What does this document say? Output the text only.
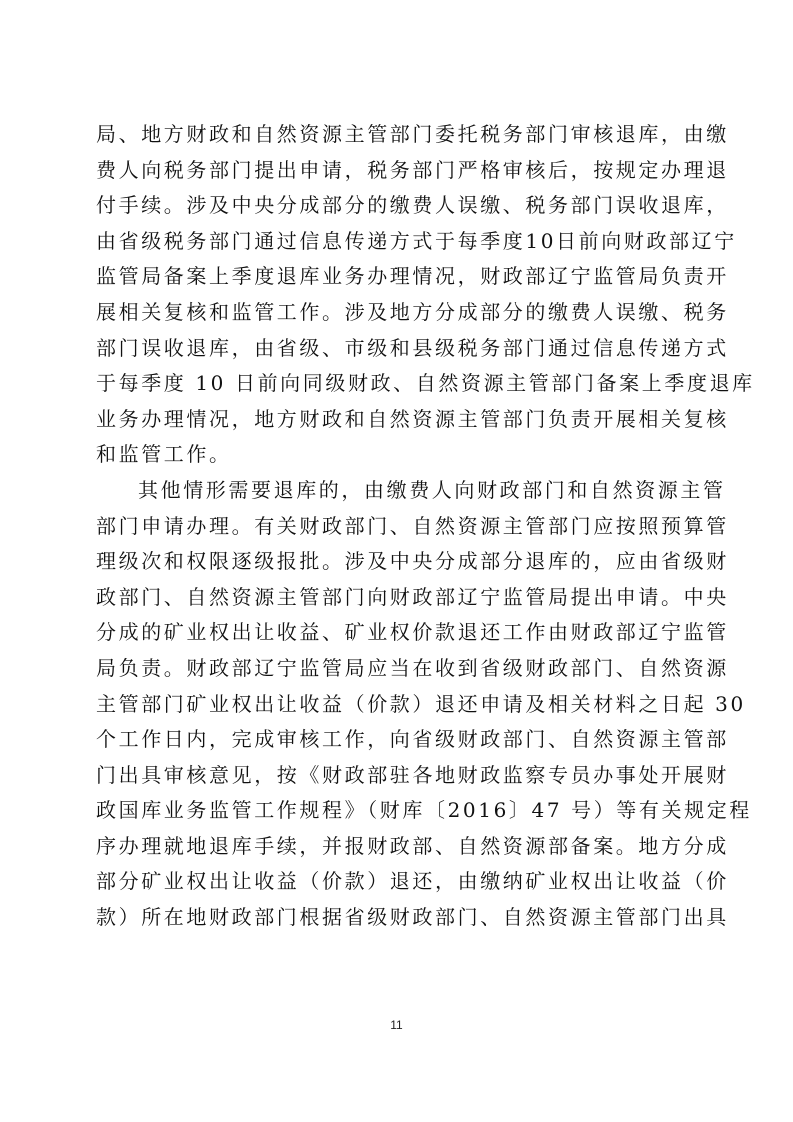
局、地方财政和自然资源主管部门委托税务部门审核退库，由缴
费人向税务部门提出申请，税务部门严格审核后，按规定办理退
付手续。涉及中央分成部分的缴费人误缴、税务部门误收退库，
由省级税务部门通过信息传递方式于每季度10日前向财政部辽宁
监管局备案上季度退库业务办理情况，财政部辽宁监管局负责开
展相关复核和监管工作。涉及地方分成部分的缴费人误缴、税务
部门误收退库，由省级、市级和县级税务部门通过信息传递方式
于每季度 10 日前向同级财政、自然资源主管部门备案上季度退库
业务办理情况，地方财政和自然资源主管部门负责开展相关复核
和监管工作。
其他情形需要退库的，由缴费人向财政部门和自然资源主管
部门申请办理。有关财政部门、自然资源主管部门应按照预算管
理级次和权限逐级报批。涉及中央分成部分退库的，应由省级财
政部门、自然资源主管部门向财政部辽宁监管局提出申请。中央
分成的矿业权出让收益、矿业权价款退还工作由财政部辽宁监管
局负责。财政部辽宁监管局应当在收到省级财政部门、自然资源
主管部门矿业权出让收益（价款）退还申请及相关材料之日起 30
个工作日内，完成审核工作，向省级财政部门、自然资源主管部
门出具审核意见，按《财政部驻各地财政监察专员办事处开展财
政国库业务监管工作规程》（财库〔2016〕47 号）等有关规定程
序办理就地退库手续，并报财政部、自然资源部备案。地方分成
部分矿业权出让收益（价款）退还，由缴纳矿业权出让收益（价
款）所在地财政部门根据省级财政部门、自然资源主管部门出具
11
